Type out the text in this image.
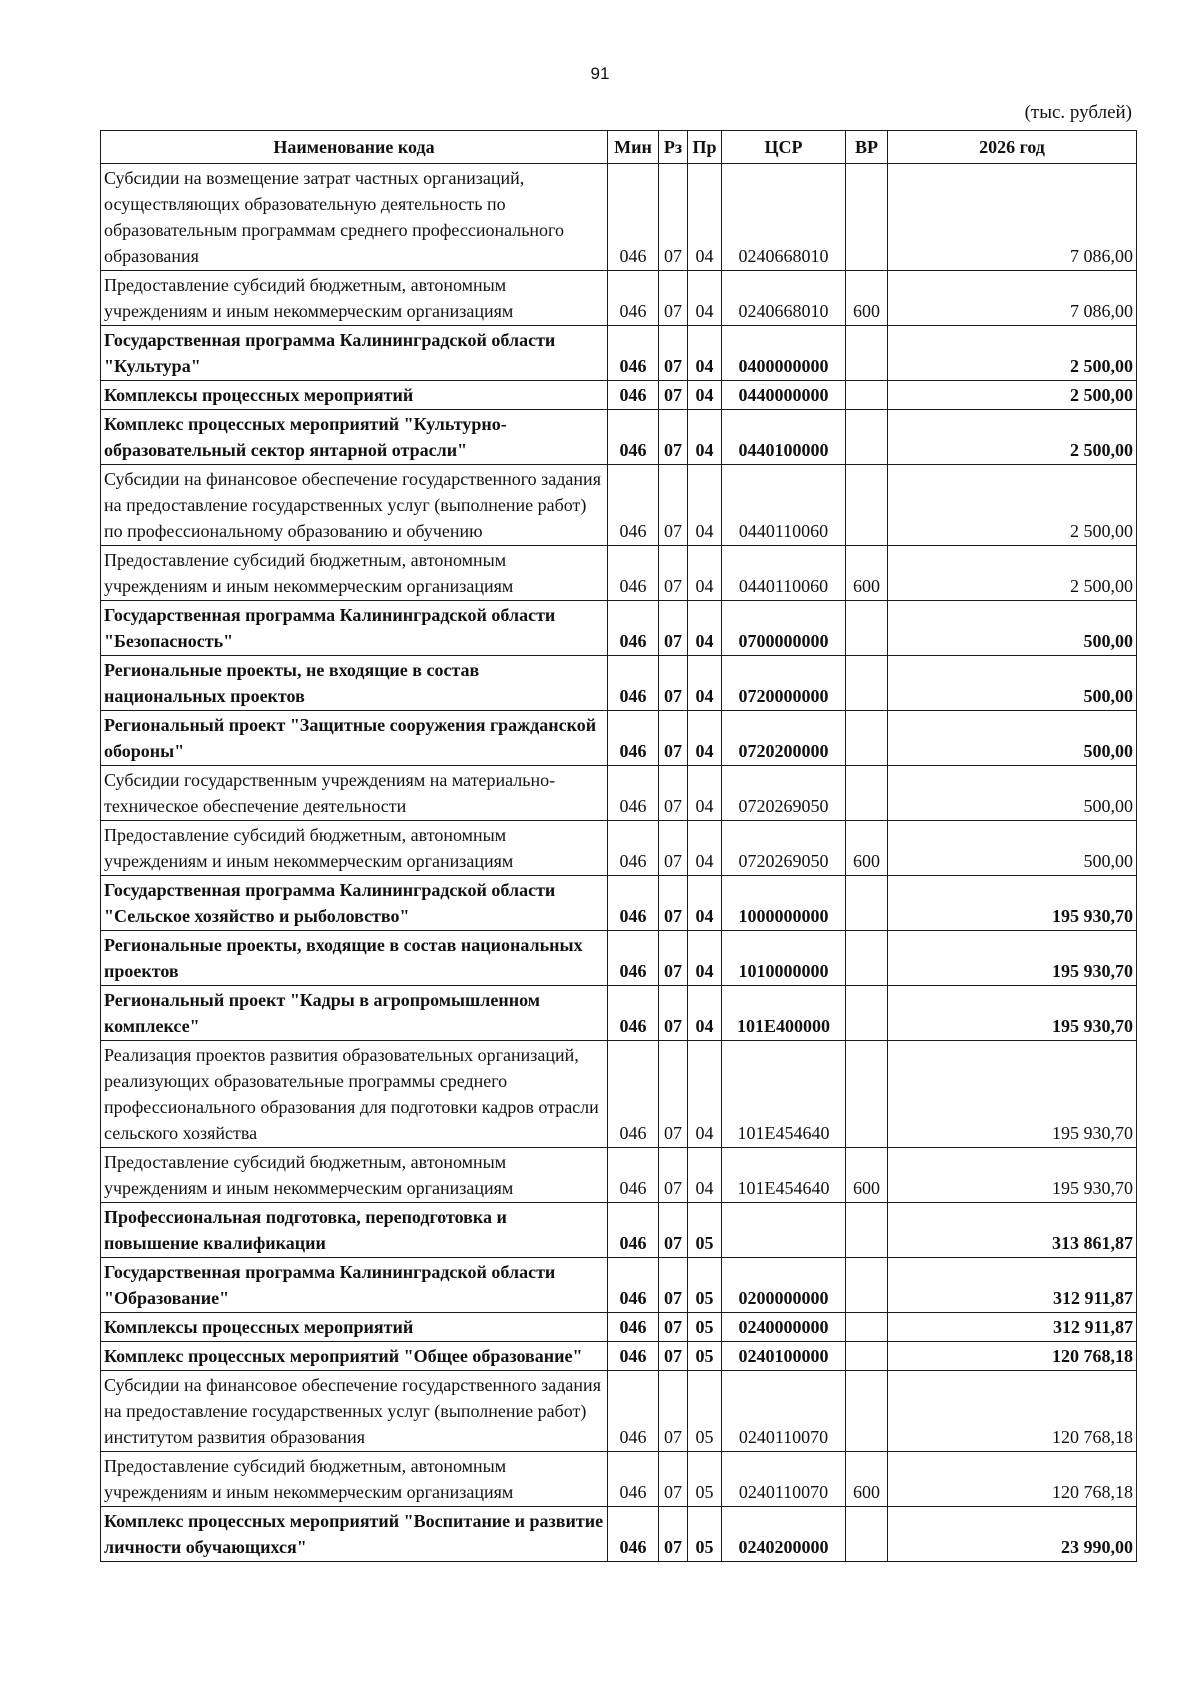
91
(тыс. рублей)
Наименование кода	Мин	Рз	Пр	ЦСР	ВР	2026 год
Субсидии на возмещение затрат частных организаций, осуществляющих образовательную деятельность по образовательным программам среднего профессионального образования	046	07	04	0240668010		7 086,00
Предоставление субсидий бюджетным, автономным учреждениям и иным некоммерческим организациям	046	07	04	0240668010	600	7 086,00
Государственная программа Калининградской области "Культура"	046	07	04	0400000000		2 500,00
Комплексы процессных мероприятий	046	07	04	0440000000		2 500,00
Комплекс процессных мероприятий "Культурно-образовательный сектор янтарной отрасли"	046	07	04	0440100000		2 500,00
Субсидии на финансовое обеспечение государственного задания на предоставление государственных услуг (выполнение работ) по профессиональному образованию и обучению	046	07	04	0440110060		2 500,00
Предоставление субсидий бюджетным, автономным учреждениям и иным некоммерческим организациям	046	07	04	0440110060	600	2 500,00
Государственная программа Калининградской области "Безопасность"	046	07	04	0700000000		500,00
Региональные проекты, не входящие в состав национальных проектов	046	07	04	0720000000		500,00
Региональный проект "Защитные сооружения гражданской обороны"	046	07	04	0720200000		500,00
Субсидии государственным учреждениям на материально-техническое обеспечение деятельности	046	07	04	0720269050		500,00
Предоставление субсидий бюджетным, автономным учреждениям и иным некоммерческим организациям	046	07	04	0720269050	600	500,00
Государственная программа Калининградской области "Сельское хозяйство и рыболовство"	046	07	04	1000000000		195 930,70
Региональные проекты, входящие в состав национальных проектов	046	07	04	1010000000		195 930,70
Региональный проект "Кадры в агропромышленном комплексе"	046	07	04	101Е400000		195 930,70
Реализация проектов развития образовательных организаций, реализующих образовательные программы среднего профессионального образования для подготовки кадров отрасли сельского хозяйства	046	07	04	101Е454640		195 930,70
Предоставление субсидий бюджетным, автономным учреждениям и иным некоммерческим организациям	046	07	04	101Е454640	600	195 930,70
Профессиональная подготовка, переподготовка и повышение квалификации	046	07	05			313 861,87
Государственная программа Калининградской области "Образование"	046	07	05	0200000000		312 911,87
Комплексы процессных мероприятий	046	07	05	0240000000		312 911,87
Комплекс процессных мероприятий "Общее образование"	046	07	05	0240100000		120 768,18
Субсидии на финансовое обеспечение государственного задания на предоставление государственных услуг (выполнение работ) институтом развития образования	046	07	05	0240110070		120 768,18
Предоставление субсидий бюджетным, автономным учреждениям и иным некоммерческим организациям	046	07	05	0240110070	600	120 768,18
Комплекс процессных мероприятий "Воспитание и развитие личности обучающихся"	046	07	05	0240200000		23 990,00
